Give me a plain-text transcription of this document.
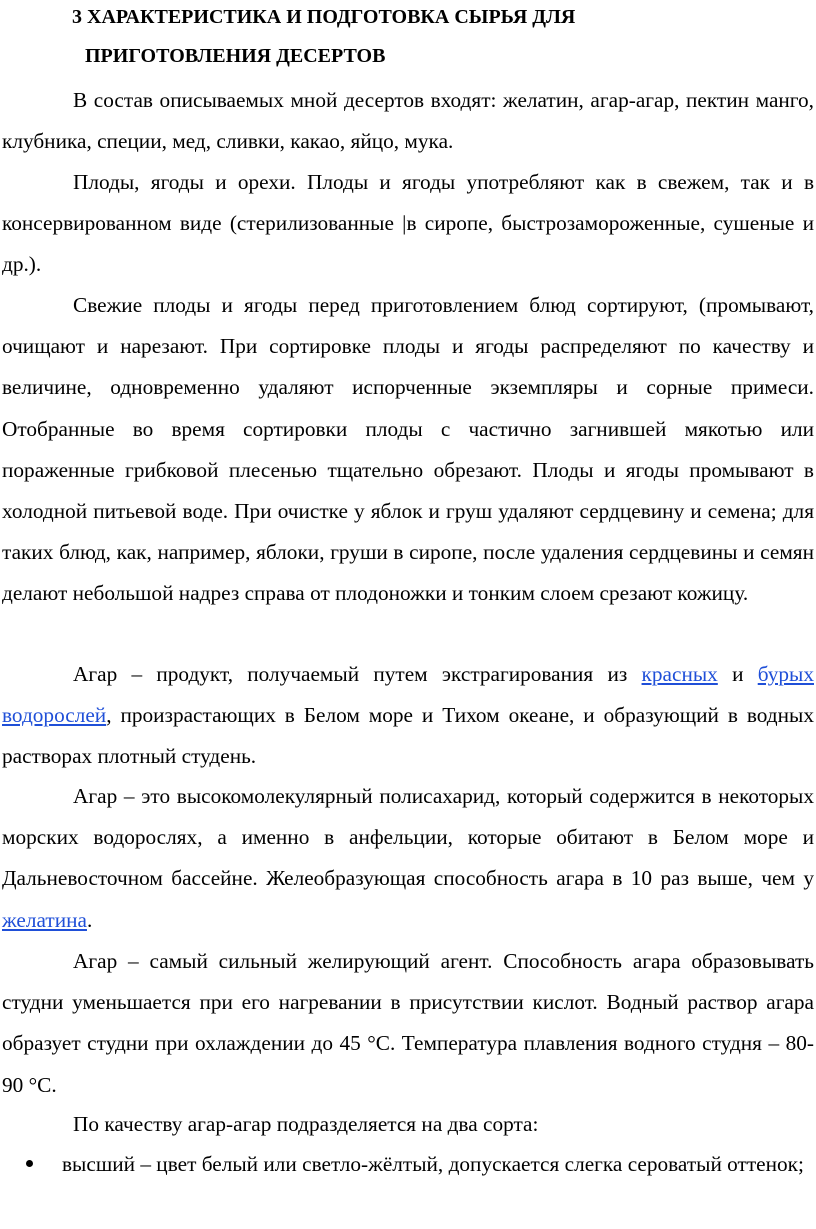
3 ХАРАКТЕРИСТИКА И ПОДГОТОВКА СЫРЬЯ ДЛЯ
ПРИГОТОВЛЕНИЯ ДЕСЕРТОВ

В состав описываемых мной десертов входят: желатин, агар-агар, пектин манго, клубника, специи, мед, сливки, какао, яйцо, мука.

Плоды, ягоды и орехи. Плоды и ягоды употребляют как в свежем, так и в консервированном виде (стерилизованные |в сиропе, быстрозамороженные, сушеные и др.).

Свежие плоды и ягоды перед приготовлением блюд сортируют, (промывают, очищают и нарезают. При сортировке плоды и ягоды распределяют по качеству и величине, одновременно удаляют испорченные экземпляры и сорные примеси. Отобранные во время сортировки плоды с частично загнившей мякотью или пораженные грибковой плесенью тщательно обрезают. Плоды и ягоды промывают в холодной питьевой воде. При очистке у яблок и груш удаляют сердцевину и семена; для таких блюд, как, например, яблоки, груши в сиропе, после удаления сердцевины и семян делают небольшой надрез справа от плодоножки и тонким слоем срезают кожицу.

Агар – продукт, получаемый путем экстрагирования из красных и бурых водорослей, произрастающих в Белом море и Тихом океане, и образующий в водных растворах плотный студень.

Агар – это высокомолекулярный полисахарид, который содержится в некоторых морских водорослях, а именно в анфельции, которые обитают в Белом море и Дальневосточном бассейне. Желеобразующая способность агара в 10 раз выше, чем у желатина.

Агар – самый сильный желирующий агент. Способность агара образовывать студни уменьшается при его нагревании в присутствии кислот. Водный раствор агара образует студни при охлаждении до 45 °С. Температура плавления водного студня – 80-90 °С.

По качеству агар-агар подразделяется на два сорта:

высший – цвет белый или светло-жёлтый, допускается слегка сероватый оттенок;
